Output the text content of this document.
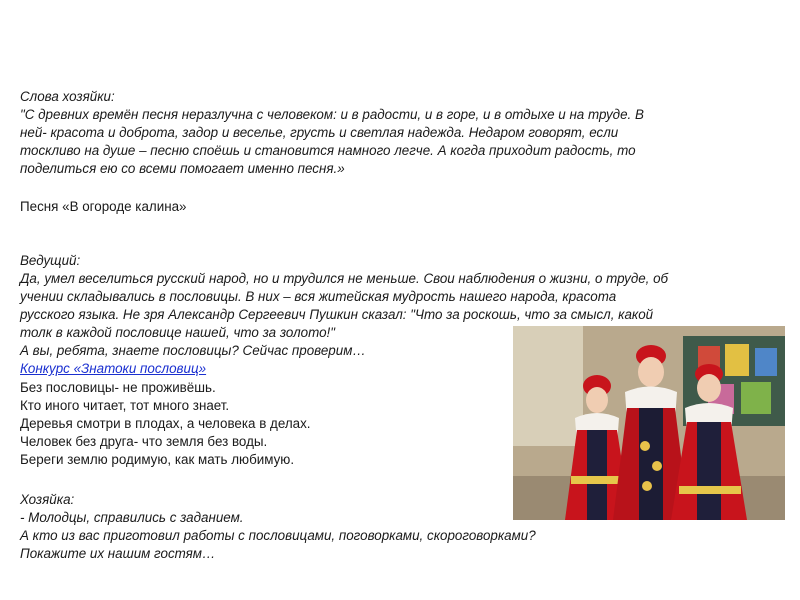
Слова хозяйки:
"С древних времён песня неразлучна с человеком: и в радости, и в горе, и в отдыхе и на труде. В
ней- красота и доброта, задор и веселье, грусть и светлая надежда. Недаром говорят, если
тоскливо на душе – песню споёшь и становится намного легче. А когда приходит радость, то
поделиться ею со всеми помогает именно песня.»
Песня «В огороде калина»
Ведущий:
Да, умел веселиться русский народ, но и трудился не меньше. Свои наблюдения о жизни, о труде, об
учении складывались в пословицы. В них – вся житейская мудрость нашего народа, красота
русского языка. Не зря Александр Сергеевич Пушкин сказал: "Что за роскошь, что за смысл, какой
толк в каждой пословице нашей, что за золото!"
А вы, ребята, знаете пословицы? Сейчас проверим…
Конкурс «Знатоки пословиц»
Без пословицы- не проживёшь.
Кто иного читает, тот много знает.
Деревья смотри в плодах, а человека в делах.
Человек без друга- что земля без воды.
Береги землю родимую, как мать любимую.
Хозяйка:
- Молодцы, справились с заданием.
А кто из вас приготовил работы с пословицами, поговорками, скороговорками?
Покажите их нашим гостям…
